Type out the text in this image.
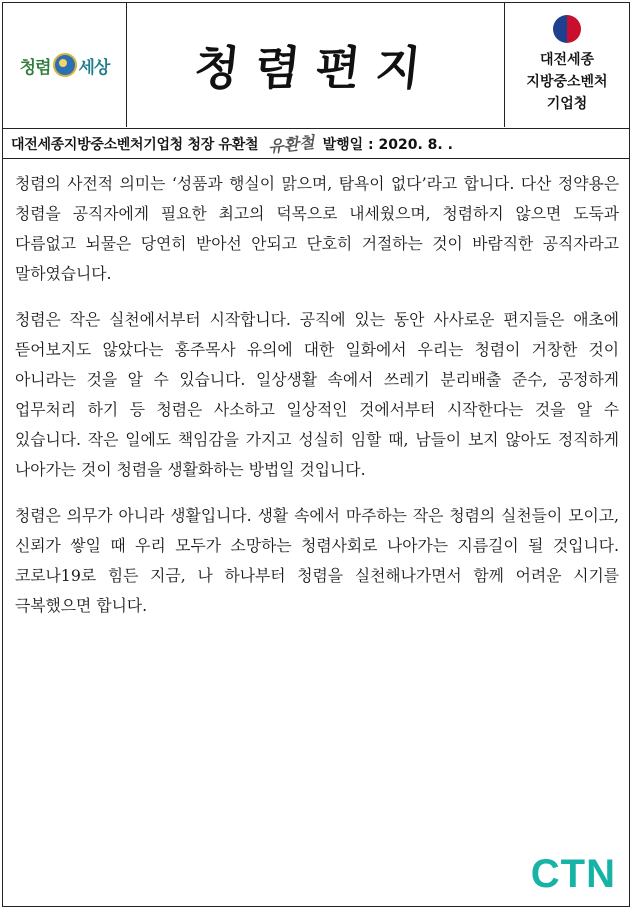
청렴 세상 청렴편지	대전세종
지방중소벤처
기업청
대전세종지방중소벤처기업청 청장 유환철 유환철 발행일 : 2020. 8. .

청렴의 사전적 의미는 ‘성품과 행실이 맑으며, 탐욕이 없다’라고 합니다. 다산 정약용은 청렴을 공직자에게 필요한 최고의 덕목으로 내세웠으며, 청렴하지 않으면 도둑과 다름없고 뇌물은 당연히 받아선 안되고 단호히 거절하는 것이 바람직한 공직자라고 말하였습니다.

청렴은 작은 실천에서부터 시작합니다. 공직에 있는 동안 사사로운 편지들은 애초에 뜯어보지도 않았다는 홍주목사 유의에 대한 일화에서 우리는 청렴이 거창한 것이 아니라는 것을 알 수 있습니다. 일상생활 속에서 쓰레기 분리배출 준수, 공정하게 업무처리 하기 등 청렴은 사소하고 일상적인 것에서부터 시작한다는 것을 알 수 있습니다. 작은 일에도 책임감을 가지고 성실히 임할 때, 남들이 보지 않아도 정직하게 나아가는 것이 청렴을 생활화하는 방법일 것입니다.

청렴은 의무가 아니라 생활입니다. 생활 속에서 마주하는 작은 청렴의 실천들이 모이고, 신뢰가 쌓일 때 우리 모두가 소망하는 청렴사회로 나아가는 지름길이 될 것입니다. 코로나19로 힘든 지금, 나 하나부터 청렴을 실천해나가면서 함께 어려운 시기를 극복했으면 합니다.

CTN
